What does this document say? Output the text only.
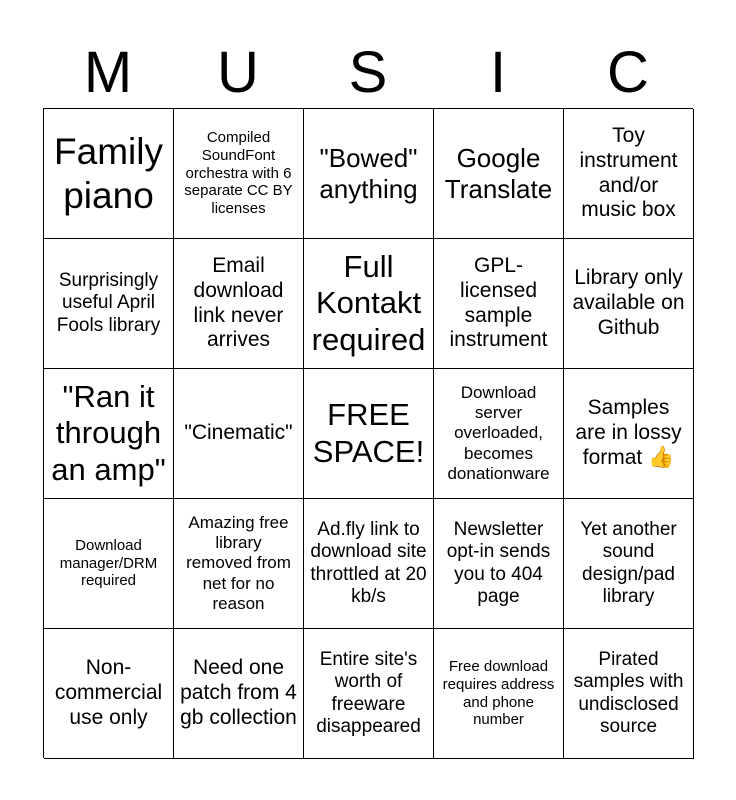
M	U	S	I	C
Family piano
Compiled SoundFont orchestra with 6 separate CC BY licenses
"Bowed" anything
Google Translate
Toy instrument and/or music box
Surprisingly useful April Fools library
Email download link never arrives
Full Kontakt required
GPL-licensed sample instrument
Library only available on Github
"Ran it through an amp"
"Cinematic"
FREE SPACE!
Download server overloaded, becomes donationware
Samples are in lossy format 👍
Download manager/DRM required
Amazing free library removed from net for no reason
Ad.fly link to download site throttled at 20 kb/s
Newsletter opt-in sends you to 404 page
Yet another sound design/pad library
Non-commercial use only
Need one patch from 4 gb collection
Entire site's worth of freeware disappeared
Free download requires address and phone number
Pirated samples with undisclosed source
